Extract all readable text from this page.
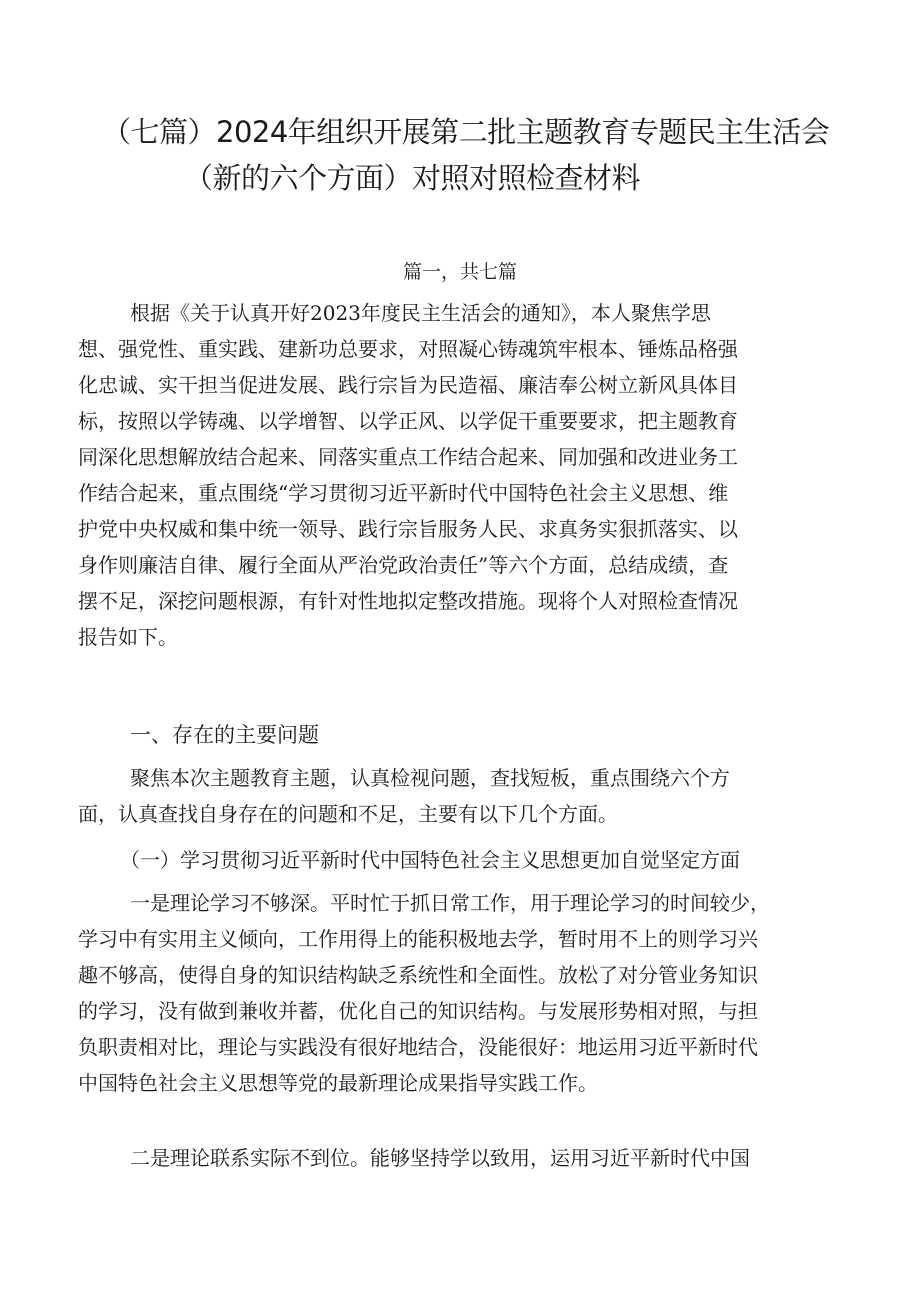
（七篇）2024年组织开展第二批主题教育专题民主生活会
（新的六个方面）对照对照检查材料
篇一，共七篇
根据《关于认真开好2023年度民主生活会的通知》，本人聚焦学思
想、强党性、重实践、建新功总要求，对照凝心铸魂筑牢根本、锤炼品格强
化忠诚、实干担当促进发展、践行宗旨为民造福、廉洁奉公树立新风具体目
标，按照以学铸魂、以学增智、以学正风、以学促干重要要求，把主题教育
同深化思想解放结合起来、同落实重点工作结合起来、同加强和改进业务工
作结合起来，重点围绕“学习贯彻习近平新时代中国特色社会主义思想、维
护党中央权威和集中统一领导、践行宗旨服务人民、求真务实狠抓落实、以
身作则廉洁自律、履行全面从严治党政治责任”等六个方面，总结成绩，查
摆不足，深挖问题根源，有针对性地拟定整改措施。现将个人对照检查情况
报告如下。
一、存在的主要问题
聚焦本次主题教育主题，认真检视问题，查找短板，重点围绕六个方
面，认真查找自身存在的问题和不足，主要有以下几个方面。
（一）学习贯彻习近平新时代中国特色社会主义思想更加自觉坚定方面
一是理论学习不够深。平时忙于抓日常工作，用于理论学习的时间较少，
学习中有实用主义倾向，工作用得上的能积极地去学，暂时用不上的则学习兴
趣不够高，使得自身的知识结构缺乏系统性和全面性。放松了对分管业务知识
的学习，没有做到兼收并蓄，优化自己的知识结构。与发展形势相对照，与担
负职责相对比，理论与实践没有很好地结合，没能很好：地运用习近平新时代
中国特色社会主义思想等党的最新理论成果指导实践工作。
二是理论联系实际不到位。能够坚持学以致用，运用习近平新时代中国
